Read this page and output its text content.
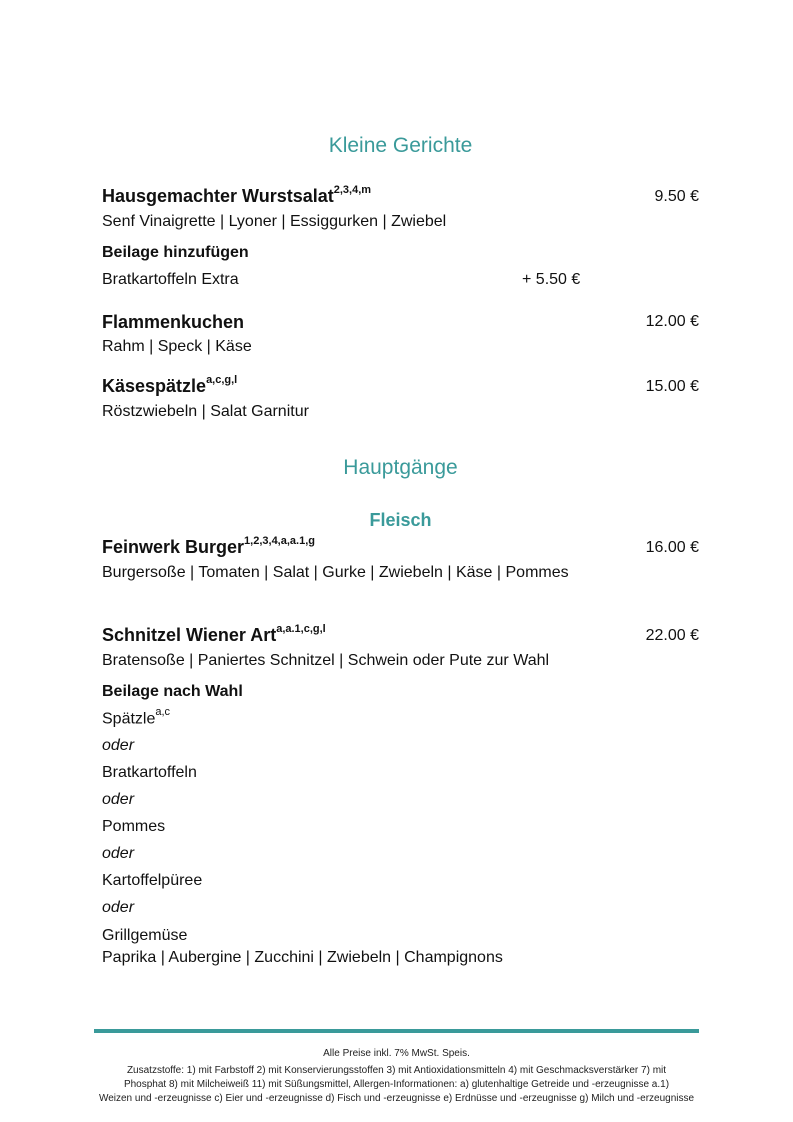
Kleine Gerichte
Hausgemachter Wurstsalat$^{2,3,4,m}$	9.50 €
Senf Vinaigrette | Lyoner | Essiggurken | Zwiebel
Beilage hinzufügen
Bratkartoffeln Extra	+ 5.50 €
Flammenkuchen	12.00 €
Rahm | Speck | Käse
Käsespätzle$^{a,c,g,l}$	15.00 €
Röstzwiebeln | Salat Garnitur
Hauptgänge
Fleisch
Feinwerk Burger$^{1,2,3,4,a,a.1,g}$	16.00 €
Burgersoße | Tomaten | Salat | Gurke | Zwiebeln | Käse | Pommes
Schnitzel Wiener Art$^{a,a.1,c,g,l}$	22.00 €
Bratensoße | Paniertes Schnitzel | Schwein oder Pute zur Wahl
Beilage nach Wahl
Spätzle$^{a,c}$
oder
Bratkartoffeln
oder
Pommes
oder
Kartoffelpüree
oder
Grillgemüse
Paprika | Aubergine | Zucchini | Zwiebeln | Champignons
Alle Preise inkl. 7% MwSt. Speis.
Zusatzstoffe: 1) mit Farbstoff 2) mit Konservierungsstoffen 3) mit Antioxidationsmitteln 4) mit Geschmacksverstärker 7) mit
Phosphat 8) mit Milcheiweiß 11) mit Süßungsmittel, Allergen-Informationen: a) glutenhaltige Getreide und -erzeugnisse a.1)
Weizen und -erzeugnisse c) Eier und -erzeugnisse d) Fisch und -erzeugnisse e) Erdnüsse und -erzeugnisse g) Milch und -erzeugnisse
